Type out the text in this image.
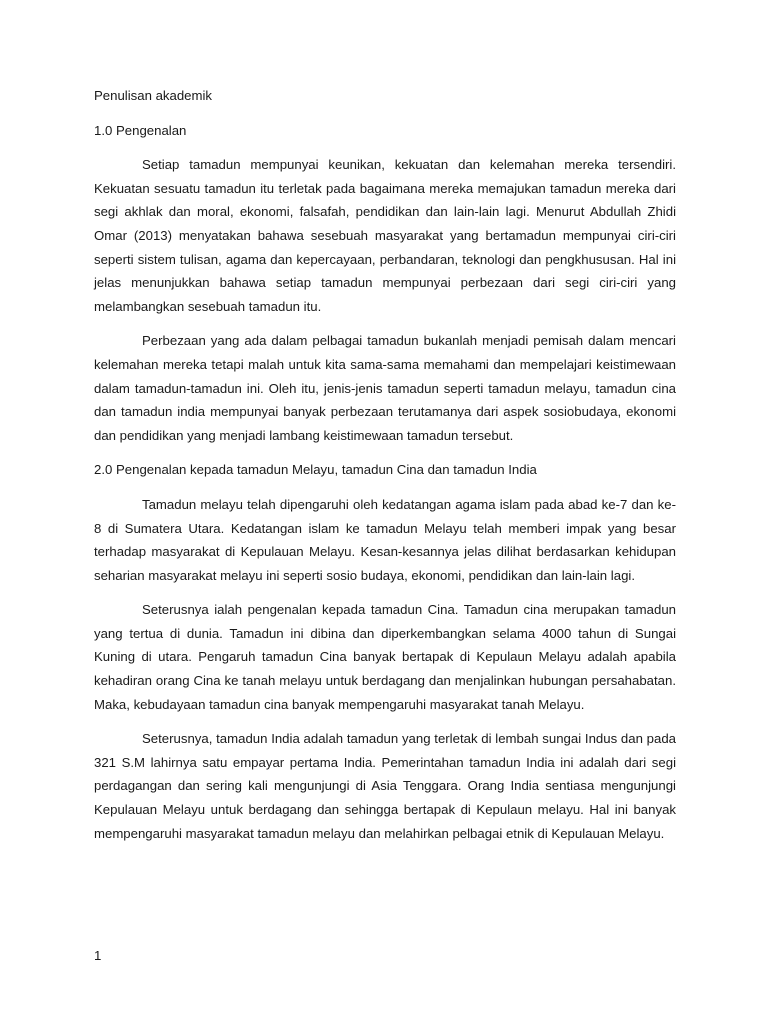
Penulisan akademik

1.0 Pengenalan

Setiap tamadun mempunyai keunikan, kekuatan dan kelemahan mereka tersendiri. Kekuatan sesuatu tamadun itu terletak pada bagaimana mereka memajukan tamadun mereka dari segi akhlak dan moral, ekonomi, falsafah, pendidikan dan lain-lain lagi. Menurut Abdullah Zhidi Omar (2013) menyatakan bahawa sesebuah masyarakat yang bertamadun mempunyai ciri-ciri seperti sistem tulisan, agama dan kepercayaan, perbandaran, teknologi dan pengkhususan. Hal ini jelas menunjukkan bahawa setiap tamadun mempunyai perbezaan dari segi ciri-ciri yang melambangkan sesebuah tamadun itu.

Perbezaan yang ada dalam pelbagai tamadun bukanlah menjadi pemisah dalam mencari kelemahan mereka tetapi malah untuk kita sama-sama memahami dan mempelajari keistimewaan dalam tamadun-tamadun ini. Oleh itu, jenis-jenis tamadun seperti tamadun melayu, tamadun cina dan tamadun india mempunyai banyak perbezaan terutamanya dari aspek sosiobudaya, ekonomi dan pendidikan yang menjadi lambang keistimewaan tamadun tersebut.

2.0 Pengenalan kepada tamadun Melayu, tamadun Cina dan tamadun India

Tamadun melayu telah dipengaruhi oleh kedatangan agama islam pada abad ke-7 dan ke-8 di Sumatera Utara. Kedatangan islam ke tamadun Melayu telah memberi impak yang besar terhadap masyarakat di Kepulauan Melayu. Kesan-kesannya jelas dilihat berdasarkan kehidupan seharian masyarakat melayu ini seperti sosio budaya, ekonomi, pendidikan dan lain-lain lagi.

Seterusnya ialah pengenalan kepada tamadun Cina. Tamadun cina merupakan tamadun yang tertua di dunia. Tamadun ini dibina dan diperkembangkan selama 4000 tahun di Sungai Kuning di utara. Pengaruh tamadun Cina banyak bertapak di Kepulaun Melayu adalah apabila kehadiran orang Cina ke tanah melayu untuk berdagang dan menjalinkan hubungan persahabatan. Maka, kebudayaan tamadun cina banyak mempengaruhi masyarakat tanah Melayu.

Seterusnya, tamadun India adalah tamadun yang terletak di lembah sungai Indus dan pada 321 S.M lahirnya satu empayar pertama India. Pemerintahan tamadun India ini adalah dari segi perdagangan dan sering kali mengunjungi di Asia Tenggara. Orang India sentiasa mengunjungi Kepulauan Melayu untuk berdagang dan sehingga bertapak di Kepulaun melayu. Hal ini banyak mempengaruhi masyarakat tamadun melayu dan melahirkan pelbagai etnik di Kepulauan Melayu.

1
